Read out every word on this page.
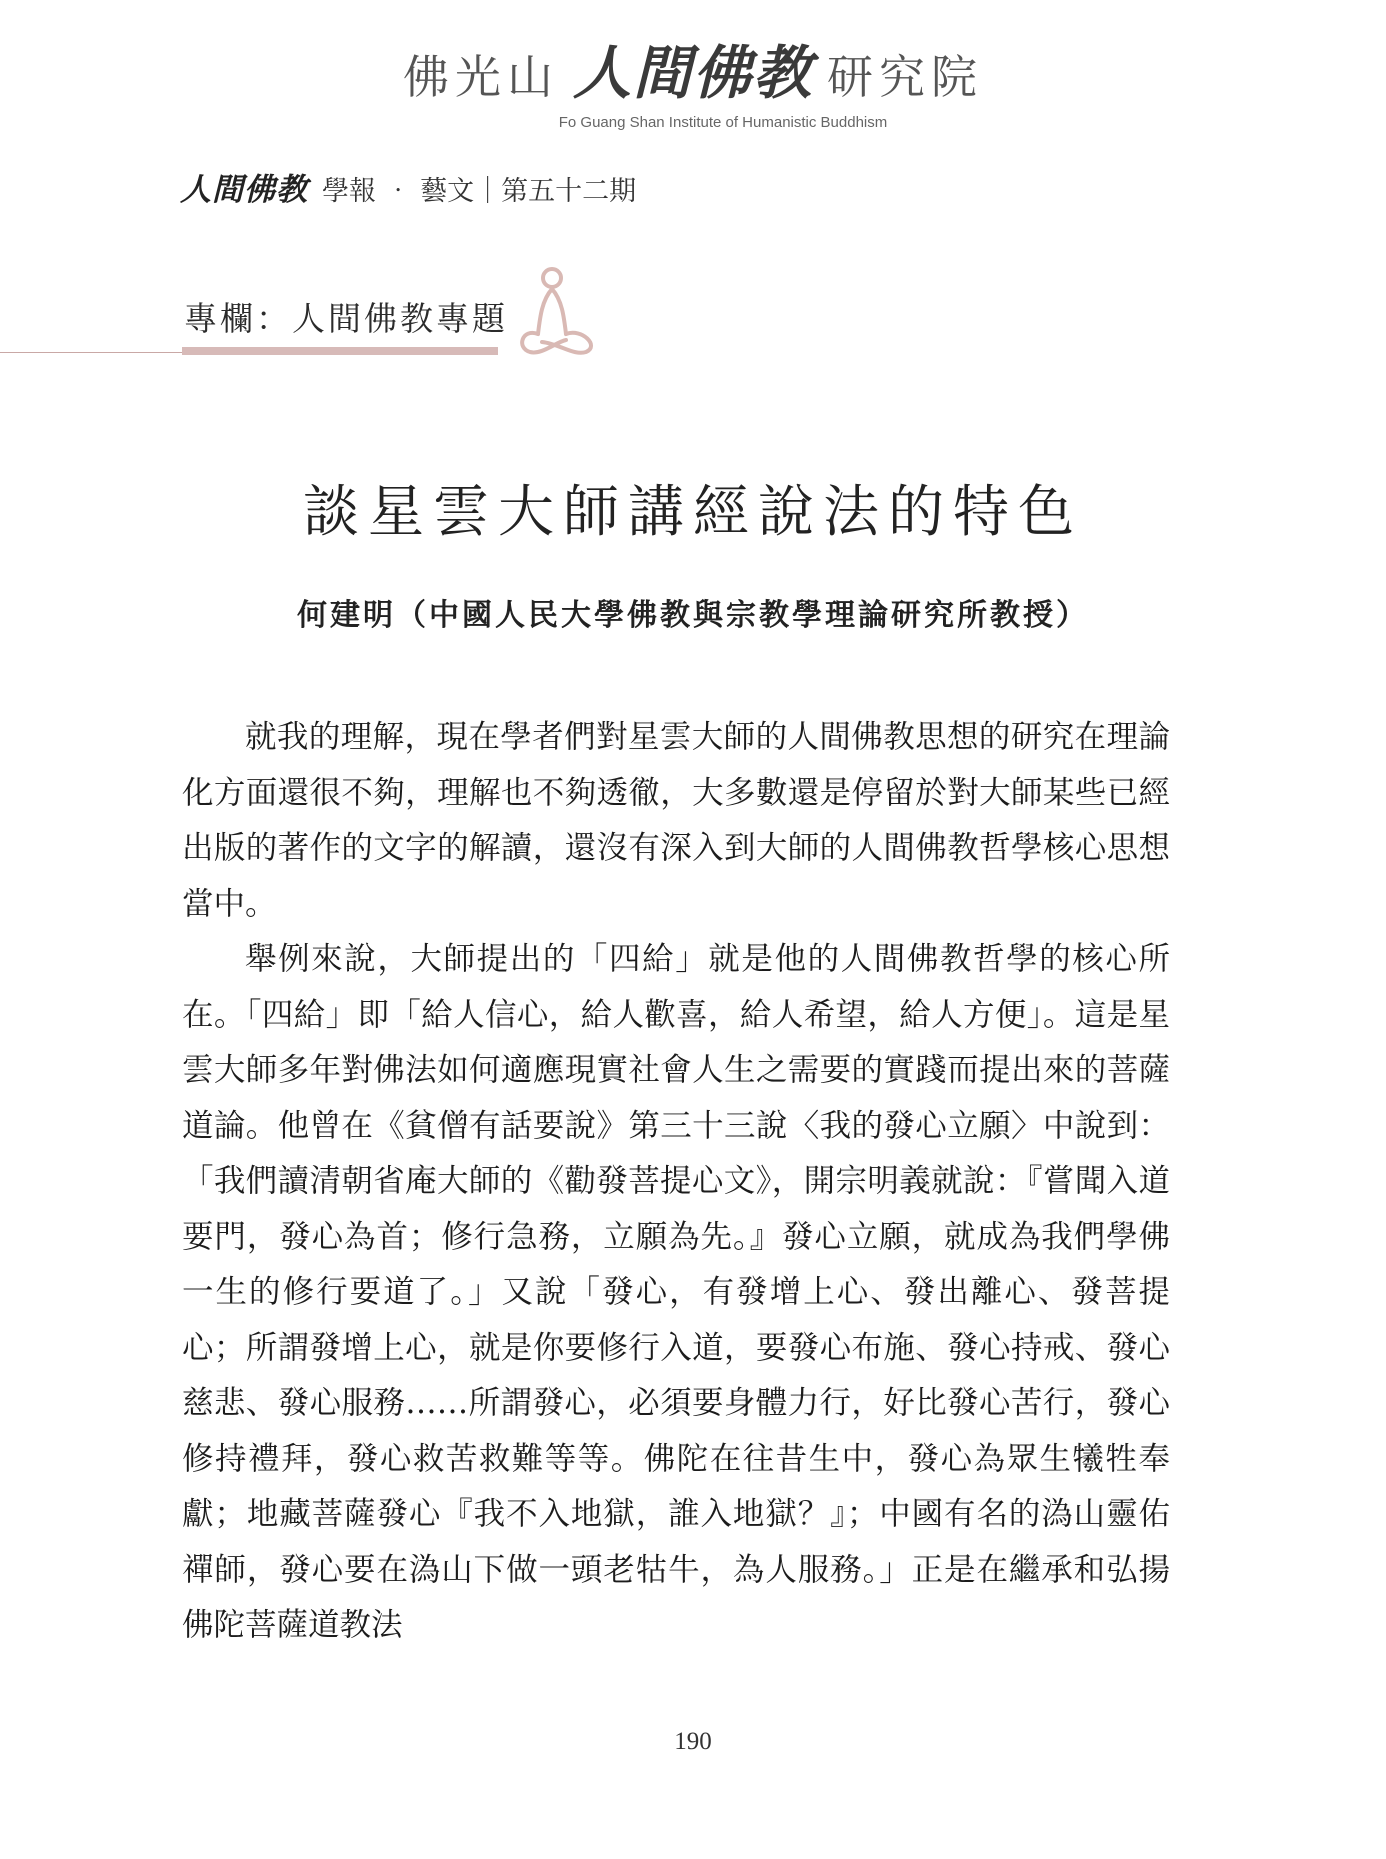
佛光山 人間佛教 研究院
Fo Guang Shan Institute of Humanistic Buddhism
人間佛教 學報 ‧ 藝文｜第五十二期
專欄：人間佛教專題
談星雲大師講經說法的特色
何建明（中國人民大學佛教與宗教學理論研究所教授）

就我的理解，現在學者們對星雲大師的人間佛教思想的研究在理論化方面還很不夠，理解也不夠透徹，大多數還是停留於對大師某些已經出版的著作的文字的解讀，還沒有深入到大師的人間佛教哲學核心思想當中。

舉例來說，大師提出的「四給」就是他的人間佛教哲學的核心所在。「四給」即「給人信心，給人歡喜，給人希望，給人方便」。這是星雲大師多年對佛法如何適應現實社會人生之需要的實踐而提出來的菩薩道論。他曾在《貧僧有話要說》第三十三說〈我的發心立願〉中說到：「我們讀清朝省庵大師的《勸發菩提心文》，開宗明義就說：『嘗聞入道要門，發心為首；修行急務，立願為先。』發心立願，就成為我們學佛一生的修行要道了。」又說「發心，有發增上心、發出離心、發菩提心；所謂發增上心，就是你要修行入道，要發心布施、發心持戒、發心慈悲、發心服務……所謂發心，必須要身體力行，好比發心苦行，發心修持禮拜，發心救苦救難等等。佛陀在往昔生中，發心為眾生犧牲奉獻；地藏菩薩發心『我不入地獄，誰入地獄？』；中國有名的溈山靈佑禪師，發心要在溈山下做一頭老牯牛，為人服務。」正是在繼承和弘揚佛陀菩薩道教法

190
